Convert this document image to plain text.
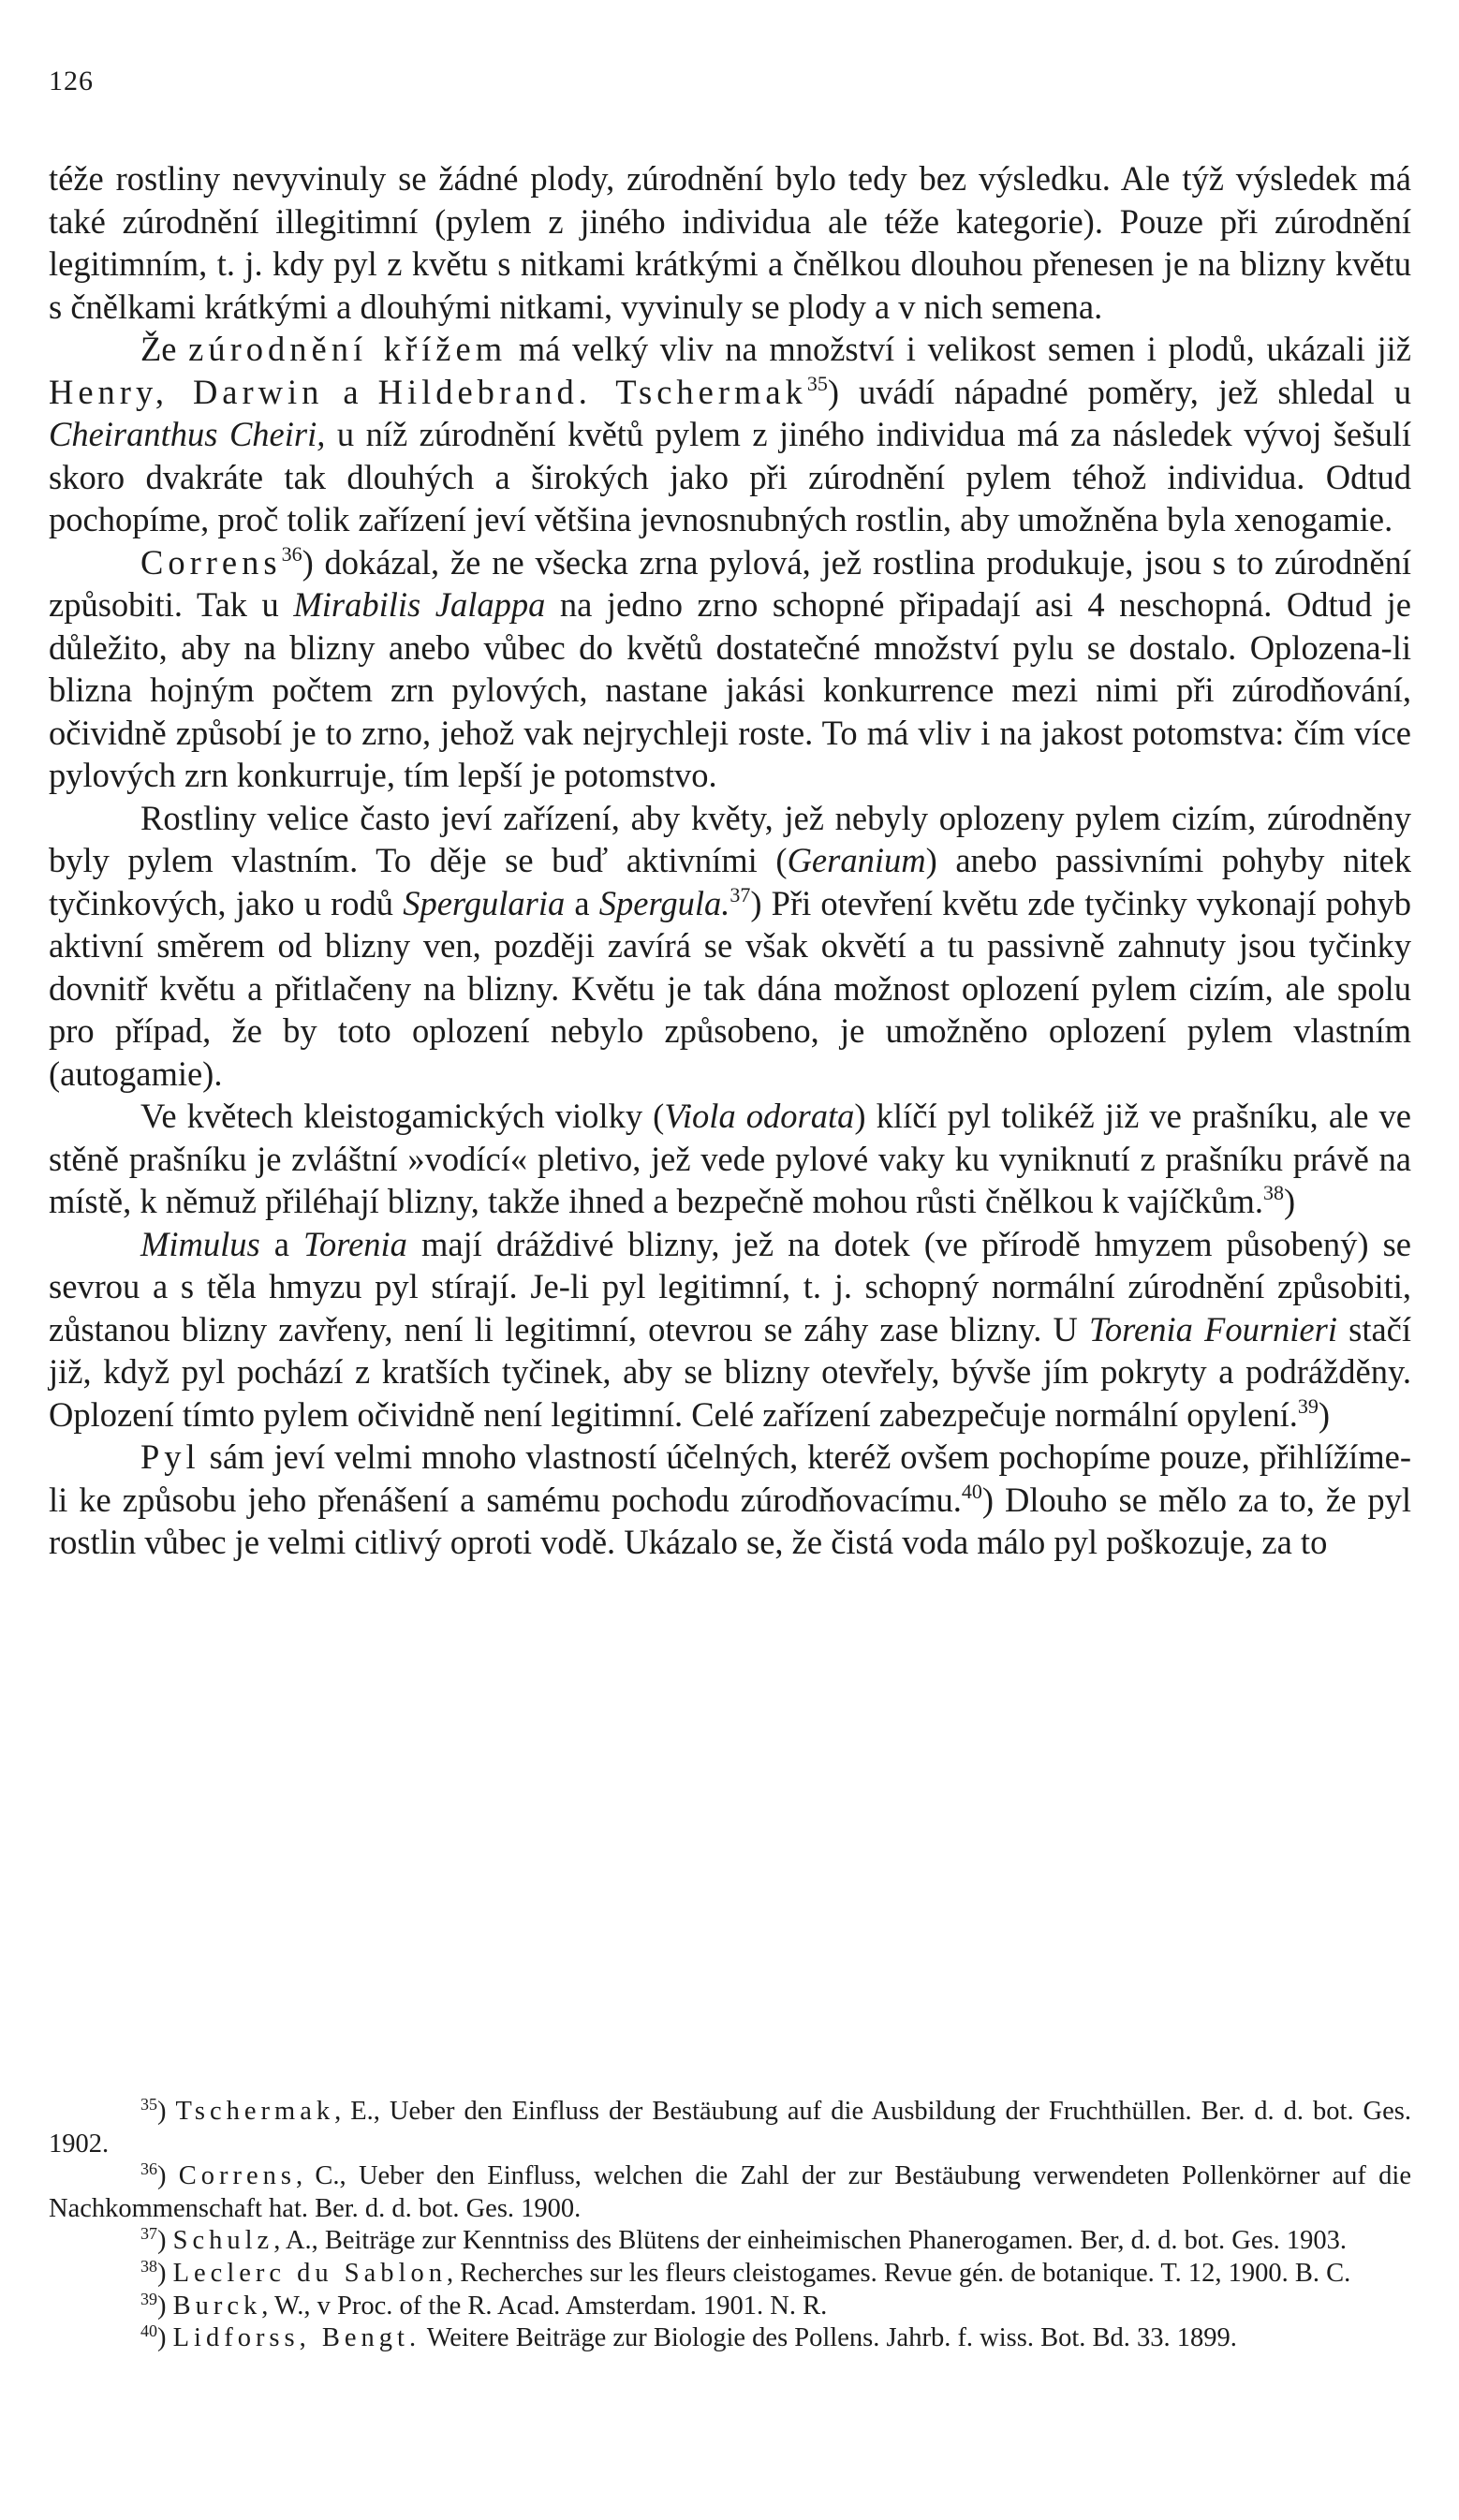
126

téže rostliny nevyvinuly se žádné plody, zúrodnění bylo tedy bez výsledku. Ale týž výsledek má také zúrodnění illegitimní (pylem z jiného individua ale téže kategorie). Pouze při zúrodnění legitimním, t. j. kdy pyl z květu s nitkami krátkými a čnělkou dlouhou přenesen je na blizny květu s čnělkami krátkými a dlouhými nitkami, vyvinuly se plody a v nich semena.

Že zúrodnění křížem má velký vliv na množství i velikost semen i plodů, ukázali již Henry, Darwin a Hildebrand. Tschermak$^{35}$) uvádí nápadné poměry, jež shledal u Cheiranthus Cheiri, u níž zúrodnění květů pylem z jiného individua má za následek vývoj šešulí skoro dvakráte tak dlouhých a širokých jako při zúrodnění pylem téhož individua. Odtud pochopíme, proč tolik zařízení jeví většina jevnosnubných rostlin, aby umožněna byla xenogamie.

Correns$^{36}$) dokázal, že ne všecka zrna pylová, jež rostlina produkuje, jsou s to zúrodnění způsobiti. Tak u Mirabilis Jalappa na jedno zrno schopné připadají asi 4 neschopná. Odtud je důležito, aby na blizny anebo vůbec do květů dostatečné množství pylu se dostalo. Oplozena-li blizna hojným počtem zrn pylových, nastane jakási konkurrence mezi nimi při zúrodňování, očividně způsobí je to zrno, jehož vak nejrychleji roste. To má vliv i na jakost potomstva: čím více pylových zrn konkurruje, tím lepší je potomstvo.

Rostliny velice často jeví zařízení, aby květy, jež nebyly oplozeny pylem cizím, zúrodněny byly pylem vlastním. To děje se buď aktivními (Geranium) anebo passivními pohyby nitek tyčinkových, jako u rodů Spergularia a Spergula.$^{37}$) Při otevření květu zde tyčinky vykonají pohyb aktivní směrem od blizny ven, později zavírá se však okvětí a tu passivně zahnuty jsou tyčinky dovnitř květu a přitlačeny na blizny. Květu je tak dána možnost oplození pylem cizím, ale spolu pro případ, že by toto oplození nebylo způsobeno, je umožněno oplození pylem vlastním (autogamie).

Ve květech kleistogamických violky (Viola odorata) klíčí pyl tolikéž již ve prašníku, ale ve stěně prašníku je zvláštní »vodící« pletivo, jež vede pylové vaky ku vyniknutí z prašníku právě na místě, k němuž přiléhají blizny, takže ihned a bezpečně mohou růsti čnělkou k vajíčkům.$^{38}$)

Mimulus a Torenia mají dráždivé blizny, jež na dotek (ve přírodě hmyzem působený) se sevrou a s těla hmyzu pyl stírají. Je-li pyl legitimní, t. j. schopný normální zúrodnění způsobiti, zůstanou blizny zavřeny, není li legitimní, otevrou se záhy zase blizny. U Torenia Fournieri stačí již, když pyl pochází z kratších tyčinek, aby se blizny otevřely, bývše jím pokryty a podrážděny. Oplození tímto pylem očividně není legitimní. Celé zařízení zabezpečuje normální opylení.$^{39}$)

Pyl sám jeví velmi mnoho vlastností účelných, kteréž ovšem pochopíme pouze, přihlížíme-li ke způsobu jeho přenášení a samému pochodu zúrodňovacímu.$^{40}$) Dlouho se mělo za to, že pyl rostlin vůbec je velmi citlivý oproti vodě. Ukázalo se, že čistá voda málo pyl poškozuje, za to

$^{35}$) Tschermak, E., Ueber den Einfluss der Bestäubung auf die Ausbildung der Fruchthüllen. Ber. d. d. bot. Ges. 1902.

$^{36}$) Correns, C., Ueber den Einfluss, welchen die Zahl der zur Bestäubung verwendeten Pollenkörner auf die Nachkommenschaft hat. Ber. d. d. bot. Ges. 1900.

$^{37}$) Schulz, A., Beiträge zur Kenntniss des Blütens der einheimischen Phanerogamen. Ber, d. d. bot. Ges. 1903.

$^{38}$) Leclerc du Sablon, Recherches sur les fleurs cleistogames. Revue gén. de botanique. T. 12, 1900. B. C.

$^{39}$) Burck, W., v Proc. of the R. Acad. Amsterdam. 1901. N. R.

$^{40}$) Lidforss, Bengt. Weitere Beiträge zur Biologie des Pollens. Jahrb. f. wiss. Bot. Bd. 33. 1899.
